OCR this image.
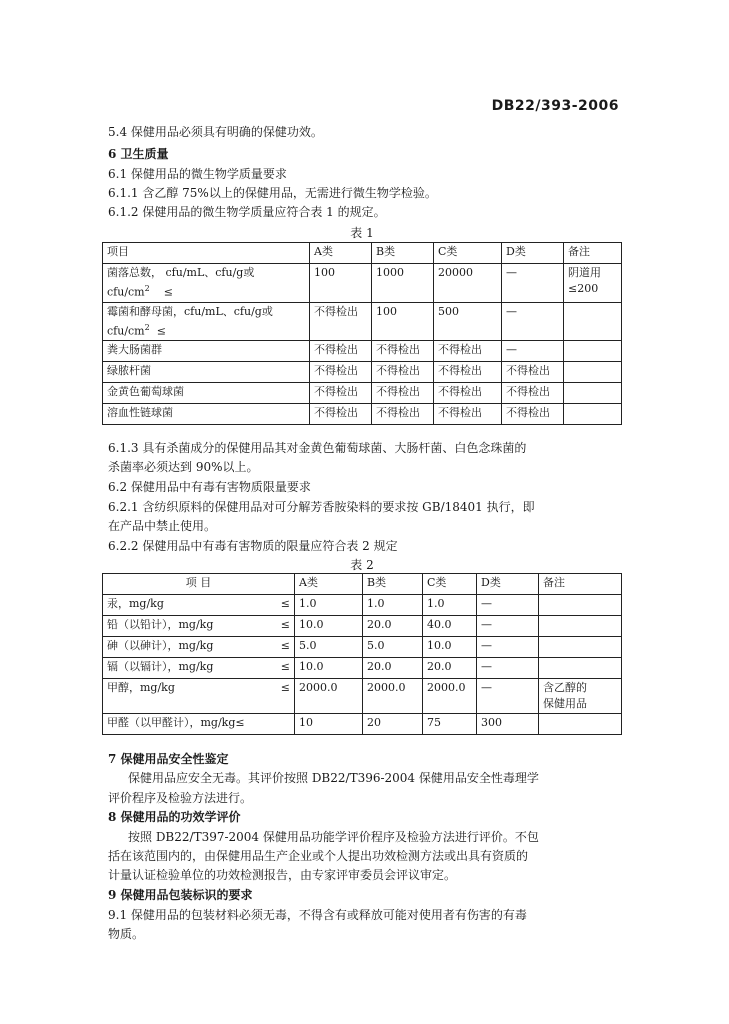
DB22/393-2006
5.4 保健用品必须具有明确的保健功效。
6 卫生质量
6.1 保健用品的微生物学质量要求
6.1.1 含乙醇 75%以上的保健用品，无需进行微生物学检验。
6.1.2 保健用品的微生物学质量应符合表 1 的规定。
表 1
项目	A类	B类	C类	D类	备注
菌落总数， cfu/mL、cfu/g或
cfu/$cm^2$ ≤	100	1000	20000	—	阴道用
≤200
霉菌和酵母菌，cfu/mL、cfu/g或
cfu/$cm^2$ ≤	不得检出	100	500	—	
粪大肠菌群	不得检出	不得检出	不得检出	—	
绿脓杆菌	不得检出	不得检出	不得检出	不得检出	
金黄色葡萄球菌	不得检出	不得检出	不得检出	不得检出	
溶血性链球菌	不得检出	不得检出	不得检出	不得检出	
6.1.3 具有杀菌成分的保健用品其对金黄色葡萄球菌、大肠杆菌、白色念珠菌的
杀菌率必须达到 90%以上。
6.2 保健用品中有毒有害物质限量要求
6.2.1 含纺织原料的保健用品对可分解芳香胺染料的要求按 GB/18401 执行，即
在产品中禁止使用。
6.2.2 保健用品中有毒有害物质的限量应符合表 2 规定
表 2
项 目	A类	B类	C类	D类	备注
汞，mg/kg ≤	1.0	1.0	1.0	—	
铅（以铅计），mg/kg ≤	10.0	20.0	40.0	—	
砷（以砷计），mg/kg ≤	5.0	5.0	10.0	—	
镉（以镉计），mg/kg ≤	10.0	20.0	20.0	—	
甲醇，mg/kg ≤	2000.0	2000.0	2000.0	—	含乙醇的
保健用品
甲醛（以甲醛计），mg/kg≤	10	20	75	300	
7 保健用品安全性鉴定
保健用品应安全无毒。其评价按照 DB22/T396-2004 保健用品安全性毒理学
评价程序及检验方法进行。
8 保健用品的功效学评价
按照 DB22/T397-2004 保健用品功能学评价程序及检验方法进行评价。不包
括在该范围内的，由保健用品生产企业或个人提出功效检测方法或出具有资质的
计量认证检验单位的功效检测报告，由专家评审委员会评议审定。
9 保健用品包装标识的要求
9.1 保健用品的包装材料必须无毒，不得含有或释放可能对使用者有伤害的有毒
物质。
